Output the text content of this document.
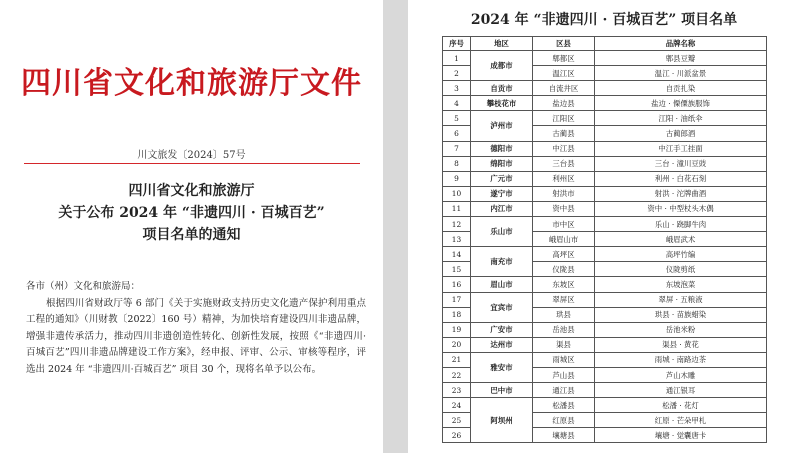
四川省文化和旅游厅文件
川文旅发〔2024〕57号
四川省文化和旅游厅
关于公布 2024 年 “非遗四川 · 百城百艺”
项目名单的通知
各市（州）文化和旅游局：

根据四川省财政厅等 6 部门《关于实施财政支持历史文化遗产保护利用重点工程的通知》（川财教〔2022〕160 号）精神，为加快培育建设四川非遗品牌，增强非遗传承活力，推动四川非遗创造性转化、创新性发展，按照《“非遗四川·百城百艺”四川非遗品牌建设工作方案》，经申报、评审、公示、审核等程序，评选出 2024 年 “非遗四川·百城百艺” 项目 30 个，现将名单予以公布。

2024 年 “非遗四川 · 百城百艺” 项目名单
序号	地区	区县	品牌名称
1	成都市	郫都区	郫县豆瓣
2		温江区	温江 · 川派盆景
3	自贡市	自流井区	自贡扎染
4	攀枝花市	盐边县	盐边 · 傈僳族服饰
5	泸州市	江阳区	江阳 · 油纸伞
6		古蔺县	古蔺郎酒
7	德阳市	中江县	中江手工挂面
8	绵阳市	三台县	三台 · 潼川豆豉
9	广元市	利州区	利州 · 白花石刻
10	遂宁市	射洪市	射洪 · 沱牌曲酒
11	内江市	资中县	资中 · 中型杖头木偶
12	乐山市	市中区	乐山 · 跷脚牛肉
13		峨眉山市	峨眉武术
14	南充市	高坪区	高坪竹编
15		仪陇县	仪陇剪纸
16	眉山市	东坡区	东坡泡菜
17	宜宾市	翠屏区	翠屏 · 五粮液
18		珙县	珙县 · 苗族蜡染
19	广安市	岳池县	岳池米粉
20	达州市	渠县	渠县 · 黄花
21	雅安市	雨城区	雨城 · 南路边茶
22		芦山县	芦山木雕
23	巴中市	通江县	通江银耳
24	阿坝州	松潘县	松潘 · 花灯
25		红原县	红原 · 芒朵甲札
26		壤塘县	壤塘 · 觉囊唐卡
